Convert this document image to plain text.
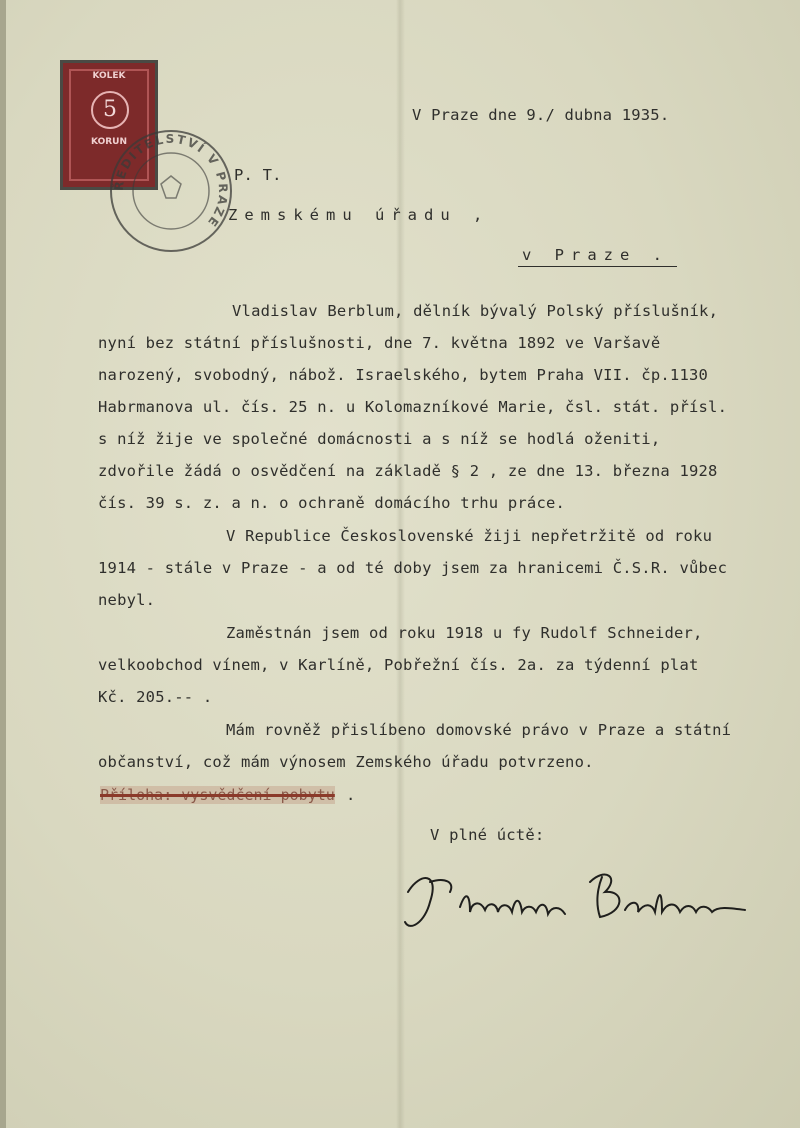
KOLEK
5
KORUN
ŘEDITELSTVÍ V PRAZE
V Praze dne 9./ dubna 1935.
P. T.
Zemskému úřadu ,
v Praze .
Vladislav Berblum, dělník bývalý Polský příslušník,
nyní bez státní příslušnosti, dne 7. května 1892 ve Varšavě
narozený, svobodný, nábož. Israelského, bytem Praha VII. čp.1130
Habrmanova ul. čís. 25 n. u Kolomazníkové Marie, čsl. stát. přísl.
s níž žije ve společné domácnosti a s níž se hodlá oženiti,
zdvořile žádá o osvědčení na základě § 2 , ze dne 13. března 1928
čís. 39 s. z. a n. o ochraně domácího trhu práce.
V Republice Československé žiji nepřetržitě od roku
1914 - stále v Praze - a od té doby jsem za hranicemi Č.S.R. vůbec
nebyl.
Zaměstnán jsem od roku 1918 u fy Rudolf Schneider,
velkoobchod vínem, v Karlíně, Pobřežní čís. 2a. za týdenní plat
Kč. 205.-- .
Mám rovněž přislíbeno domovské právo v Praze a státní
občanství, což mám výnosem Zemského úřadu potvrzeno.
Příloha: vysvědčení pobytu .
V plné úctě:
